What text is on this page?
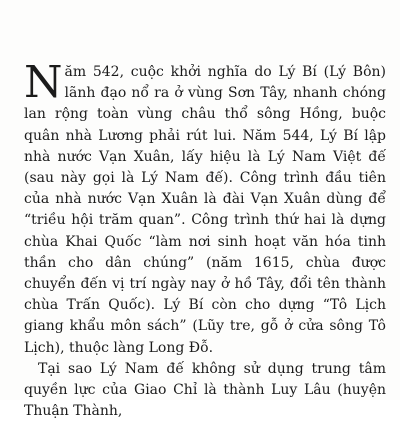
Năm 542, cuộc khởi nghĩa do Lý Bí (Lý Bôn) lãnh đạo nổ ra ở vùng Sơn Tây, nhanh chóng lan rộng toàn vùng châu thổ sông Hồng, buộc quân nhà Lương phải rút lui. Năm 544, Lý Bí lập nhà nước Vạn Xuân, lấy hiệu là Lý Nam Việt đế (sau này gọi là Lý Nam đế). Công trình đầu tiên của nhà nước Vạn Xuân là đài Vạn Xuân dùng để “triều hội trăm quan”. Công trình thứ hai là dựng chùa Khai Quốc “làm nơi sinh hoạt văn hóa tinh thần cho dân chúng” (năm 1615, chùa được chuyển đến vị trí ngày nay ở hồ Tây, đổi tên thành chùa Trấn Quốc). Lý Bí còn cho dựng “Tô Lịch giang khẩu môn sách” (Lũy tre, gỗ ở cửa sông Tô Lịch), thuộc làng Long Đỗ.

Tại sao Lý Nam đế không sử dụng trung tâm quyền lực của Giao Chỉ là thành Luy Lâu (huyện Thuận Thành,
